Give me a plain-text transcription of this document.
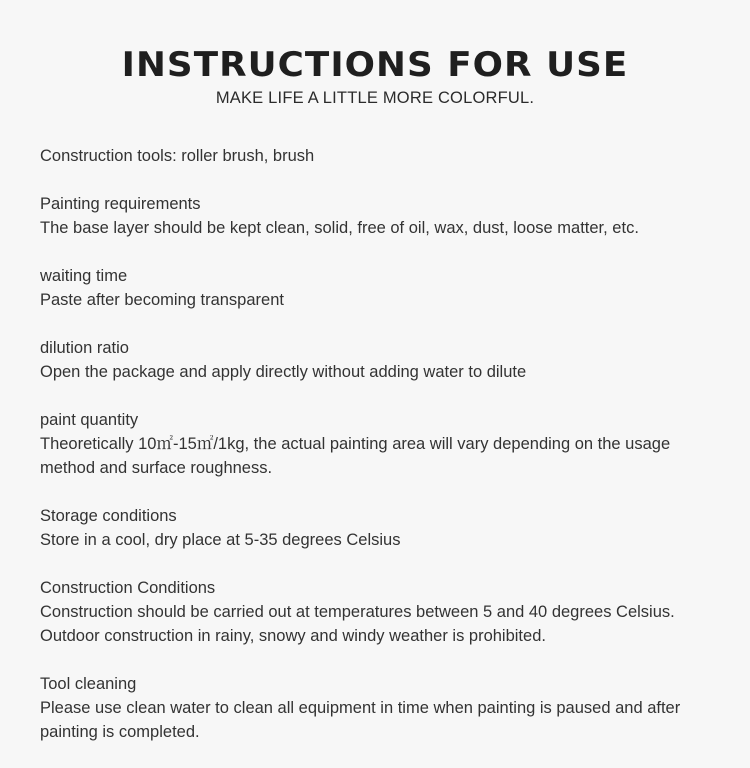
INSTRUCTIONS FOR USE
MAKE LIFE A LITTLE MORE COLORFUL.
Construction tools: roller brush, brush
Painting requirements
The base layer should be kept clean, solid, free of oil, wax, dust, loose matter, etc.
waiting time
Paste after becoming transparent
dilution ratio
Open the package and apply directly without adding water to dilute
paint quantity
Theoretically 10㎡-15㎡/1kg, the actual painting area will vary depending on the usage method and surface roughness.
Storage conditions
Store in a cool, dry place at 5-35 degrees Celsius
Construction Conditions
Construction should be carried out at temperatures between 5 and 40 degrees Celsius. Outdoor construction in rainy, snowy and windy weather is prohibited.
Tool cleaning
Please use clean water to clean all equipment in time when painting is paused and after painting is completed.
